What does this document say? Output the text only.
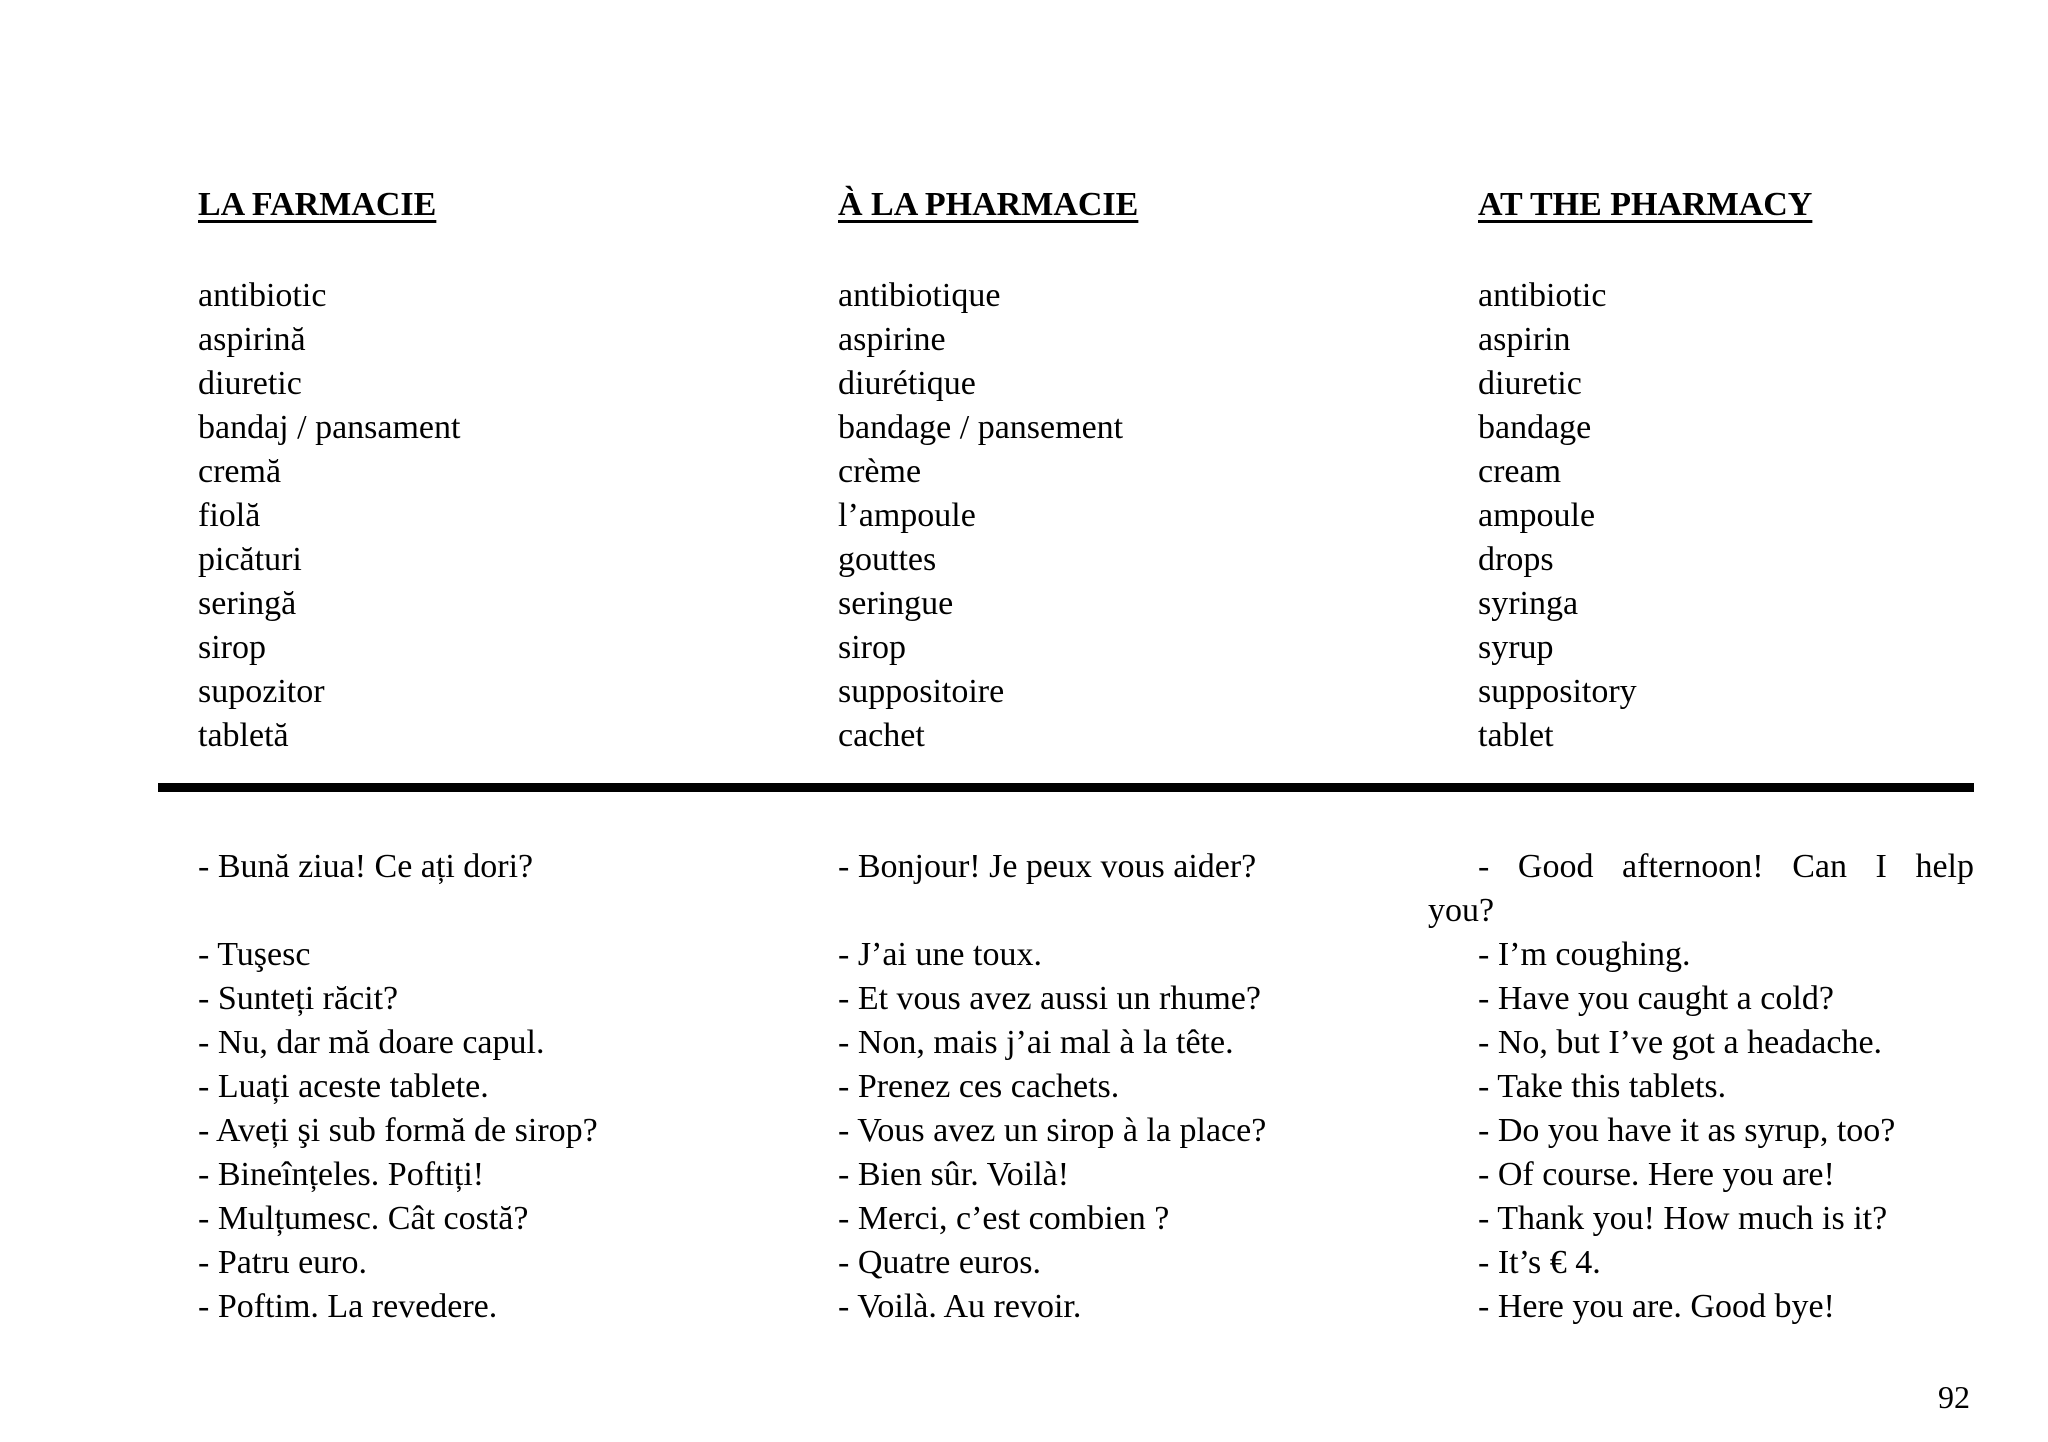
LA FARMACIE	À LA PHARMACIE	AT THE PHARMACY
antibiotic
aspirină
diuretic
bandaj / pansament
cremă
fiolă
picături
seringă
sirop
supozitor
tabletă
antibiotique
aspirine
diurétique
bandage / pansement
crème
l’ampoule
gouttes
seringue
sirop
suppositoire
cachet
antibiotic
aspirin
diuretic
bandage
cream
ampoule
drops
syringa
syrup
suppository
tablet
- Bună ziua! Ce ați dori?
- Tuşesc
- Sunteți răcit?
- Nu, dar mă doare capul.
- Luați aceste tablete.
- Aveți şi sub formă de sirop?
- Bineînțeles. Poftiți!
- Mulțumesc. Cât costă?
- Patru euro.
- Poftim. La revedere.
- Bonjour! Je peux vous aider?
- J’ai une toux.
- Et vous avez aussi un rhume?
- Non, mais j’ai mal à la tête.
- Prenez ces cachets.
- Vous avez un sirop à la place?
- Bien sûr. Voilà!
- Merci, c’est combien ?
- Quatre euros.
- Voilà. Au revoir.
- Good afternoon! Can I help
you?
- I’m coughing.
- Have you caught a cold?
- No, but I’ve got a headache.
- Take this tablets.
- Do you have it as syrup, too?
- Of course. Here you are!
- Thank you! How much is it?
- It’s € 4.
- Here you are. Good bye!
92
